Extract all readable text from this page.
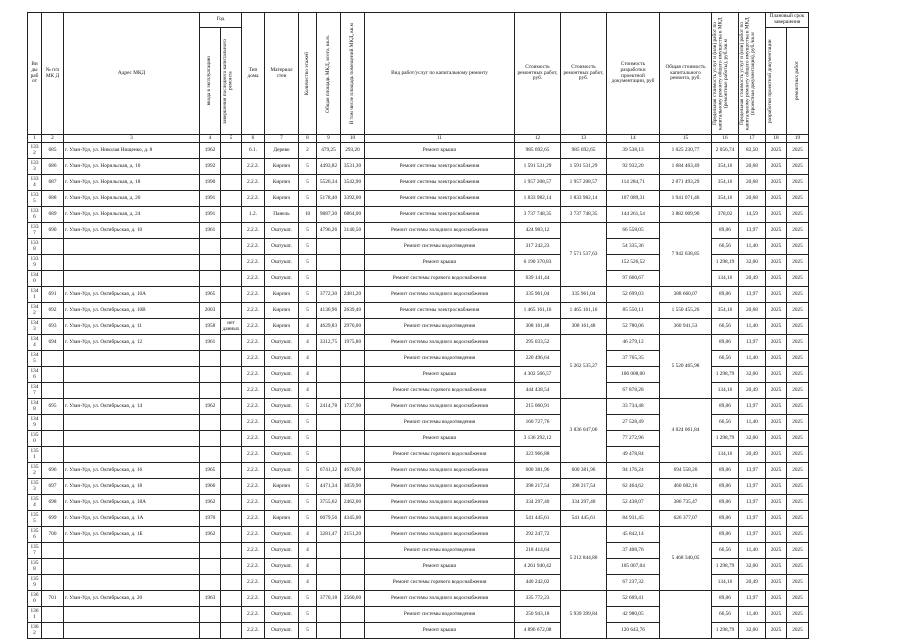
Ви ды раб от	№ п/п МК Д	Адрес МКД	Год		Тип дома	Материал стен	Количество этажей	Общая площадь МКД, всего, кв.м.	В том числе площадь помещений МКД, кв.м	Вид работ/услуг по капитальному ремонту	Стоимость ремонтных работ, руб.	Стоимость ремонтных работ, руб.	Стоимость разработки проектной документации, руб	Общая стоимость капитального ремонта, руб.	Предельная стоимость услуг и (или) работ по капитальному ремонту общего имущества в МКД (ремонтные работы), руб./кв.м	Предельная стоимость услуг и (или) работ по капитальному ремонту общего имущества в МКД (проектная документация), руб./кв.м	Плановый срок завершения	

			ввода в эксплуатацию	завершения последнего капитального ремонта													разработки проектной документации	ремонтных работ

1	2	3	4	5	6	7	8	9	10	11	12	13	14	15	16	17	18	19
133 2	685	г. Улан-Удэ, ул. Николая Нищенко, д. 8	1962		6.1.	Дерево	2	479,25	293,20	Ремонт крыши	985 692,65	985 692,65	39 538,13	1 025 230,77	2 056,74	82,50	2025	2025
133 3	686	г. Улан-Удэ, ул. Норильская, д. 10	1992		2.2.2.	Кирпич	5	4493,82	3531,30	Ремонт системы электроснабжения	1 591 531,29	1 591 531,29	92 932,20	1 684 463,49	354,16	20,68	2025	2025
133 4	687	г. Улан-Удэ, ул. Норильская, д. 18	1990		2.2.2.	Кирпич	5	5526,34	3542,90	Ремонт системы электроснабжения	1 957 208,57	1 957 208,57	114 284,71	2 071 493,29	354,16	20,68	2025	2025
133 5	688	г. Улан-Удэ, ул. Норильская, д. 20	1991		2.2.2.	Кирпич	5	5178,40	3392,00	Ремонт системы электроснабжения	1 833 982,14	1 833 982,14	107 089,31	1 941 071,46	354,16	20,68	2025	2025
133 6	689	г. Улан-Удэ, ул. Норильская, д. 24	1991		1.2.	Панель	10	9887,30	6864,00	Ремонт системы электроснабжения	3 737 748,35	3 737 748,35	144 261,54	3 882 009,90	378,02	14,59	2025	2025
133 7	690	г. Улан-Удэ, ул. Октябрьская, д. 10	1961		2.2.2.	Оштукат.	5	4796,26	3140,50	Ремонт системы холодного водоснабжения	424 983,12	7 571 537,63	66 558,05	7 942 638,85	89,06	13,97	2025	2025
133 8					2.2.2.	Оштукат.	5			Ремонт системы водоотведения	317 242,23		54 335,36		66,56	11,40	2025	2025
133 9					2.2.2.	Оштукат.	5			Ремонт крыши	6 190 370,83		152 526,52		1 298,19	32,00	2025	2025
134 0					2.2.2.	Оштукат.	5			Ремонт системы горячего водоснабжения	639 141,44		97 660,67		134,16	20,49	2025	2025
134 1	691	г. Улан-Удэ, ул. Октябрьская, д. 10А	1965		2.2.2.	Кирпич	5	3772,30	2481,20	Ремонт системы холодного водоснабжения	335 961,04	335 961,04	52 699,03	388 660,07	89,06	13,97	2025	2025
134 2	692	г. Улан-Удэ, ул. Октябрьская, д. 10В	2003		2.2.2.	Кирпич	5	4136,96	2639,40	Ремонт системы электроснабжения	1 465 161,16	1 465 161,16	85 550,11	1 550 455,26	354,16	20,68	2025	2025
134 3	693	г. Улан-Удэ, ул. Октябрьская, д. 11	1958	нет данных	2.2.2.	Кирпич	4	4629,83	2976,00	Ремонт системы водоотведения	308 161,48	308 161,48	52 780,06	360 941,53	66,56	11,40	2025	2025
134 4	694	г. Улан-Удэ, ул. Октябрьская, д. 12	1961		2.2.2.	Оштукат.	4	3312,75	1975,80	Ремонт системы холодного водоснабжения	295 033,52	5 262 535,27	46 279,12	5 520 465,98	89,06	13,97	2025	2025
134 5					2.2.2.	Оштукат.	4			Ремонт системы водоотведения	220 496,64		37 765,35		66,56	11,40	2025	2025
134 6					2.2.2.	Оштукат.	4			Ремонт крыши	4 302 566,57		106 008,00		1 298,79	32,00	2025	2025
134 7					2.2.2.	Оштукат.	4			Ремонт системы горячего водоснабжения	444 438,54		67 878,28		134,16	20,49	2025	2025
134 8	695	г. Улан-Удэ, ул. Октябрьская, д. 14	1962		2.2.2.	Оштукат.	5	2414,78	1737,90	Ремонт системы холодного водоснабжения	215 060,91	3 836 047,06	33 734,48	4 024 061,84	89,06	13,97	2025	2025
134 9					2.2.2.	Оштукат.	5			Ремонт системы водоотведения	160 727,76		27 528,49		66,56	11,40	2025	2025
135 0					2.2.2.	Оштукат.	5			Ремонт крыши	3 136 292,12		77 272,96		1 298,79	32,00	2025	2025
135 1					2.2.2.	Оштукат.	5			Ремонт системы горячего водоснабжения	323 966,88		49 478,84		134,16	20,49	2025	2025
135 2	696	г. Улан-Удэ, ул. Октябрьская, д. 16	1965		2.2.2.	Оштукат.	5	6741,32	4670,00	Ремонт системы холодного водоснабжения	600 381,96	600 381,96	94 176,24	694 558,20	89,06	13,97	2025	2025
135 3	697	г. Улан-Удэ, ул. Октябрьская, д. 18	1966		2.2.2.	Кирпич	5	4471,34	3059,90	Ремонт системы холодного водоснабжения	398 217,54	398 217,54	62 464,62	460 682,16	89,06	13,97	2025	2025
135 4	698	г. Улан-Удэ, ул. Октябрьская, д. 18А	1962		2.2.2.	Оштукат.	5	3755,62	2462,00	Ремонт системы холодного водоснабжения	334 297,40	334 297,40	52 438,07	386 735,47	89,06	13,97	2025	2025
135 5	699	г. Улан-Удэ, ул. Октябрьская, д. 1А	1970		2.2.2.	Кирпич	5	6079,56	4345,00	Ремонт системы холодного водоснабжения	541 445,61	541 445,61	84 931,45	626 377,07	89,06	13,97	2025	2025
135 6	700	г. Улан-Удэ, ул. Октябрьская, д. 1Б	1962		2.2.2.	Оштукат.	4	3281,47	2151,20	Ремонт системы холодного водоснабжения	292 247,72	5 212 844,80	45 842,14	5 468 340,05	89,06	13,97	2025	2025
135 7					2.2.2.	Оштукат.	4			Ремонт системы водоотведения	218 414,64		37 408,76		66,56	11,40	2025	2025
135 8					2.2.2.	Оштукат.	4			Ремонт крыши	4 261 940,42		105 007,04		1 298,79	32,00	2025	2025
135 9					2.2.2.	Оштукат.	4			Ремонт системы горячего водоснабжения	440 242,02		67 237,32		134,16	20,49	2025	2025
136 0	701	г. Улан-Удэ, ул. Октябрьская, д. 20	1963		2.2.2.	Оштукат.	5	3770,18	2560,60	Ремонт системы холодного водоснабжения	335 772,23	5 939 399,84	52 669,41		89,06	13,97	2025	2025
136 1					2.2.2.	Оштукат.	5			Ремонт системы водоотведения	250 943,18		42 980,05		66,56	11,40	2025	2025
136 2					2.2.2.	Оштукат.	5			Ремонт крыши	4 896 672,08		120 643,76		1 298,79	32,00	2025	2025
